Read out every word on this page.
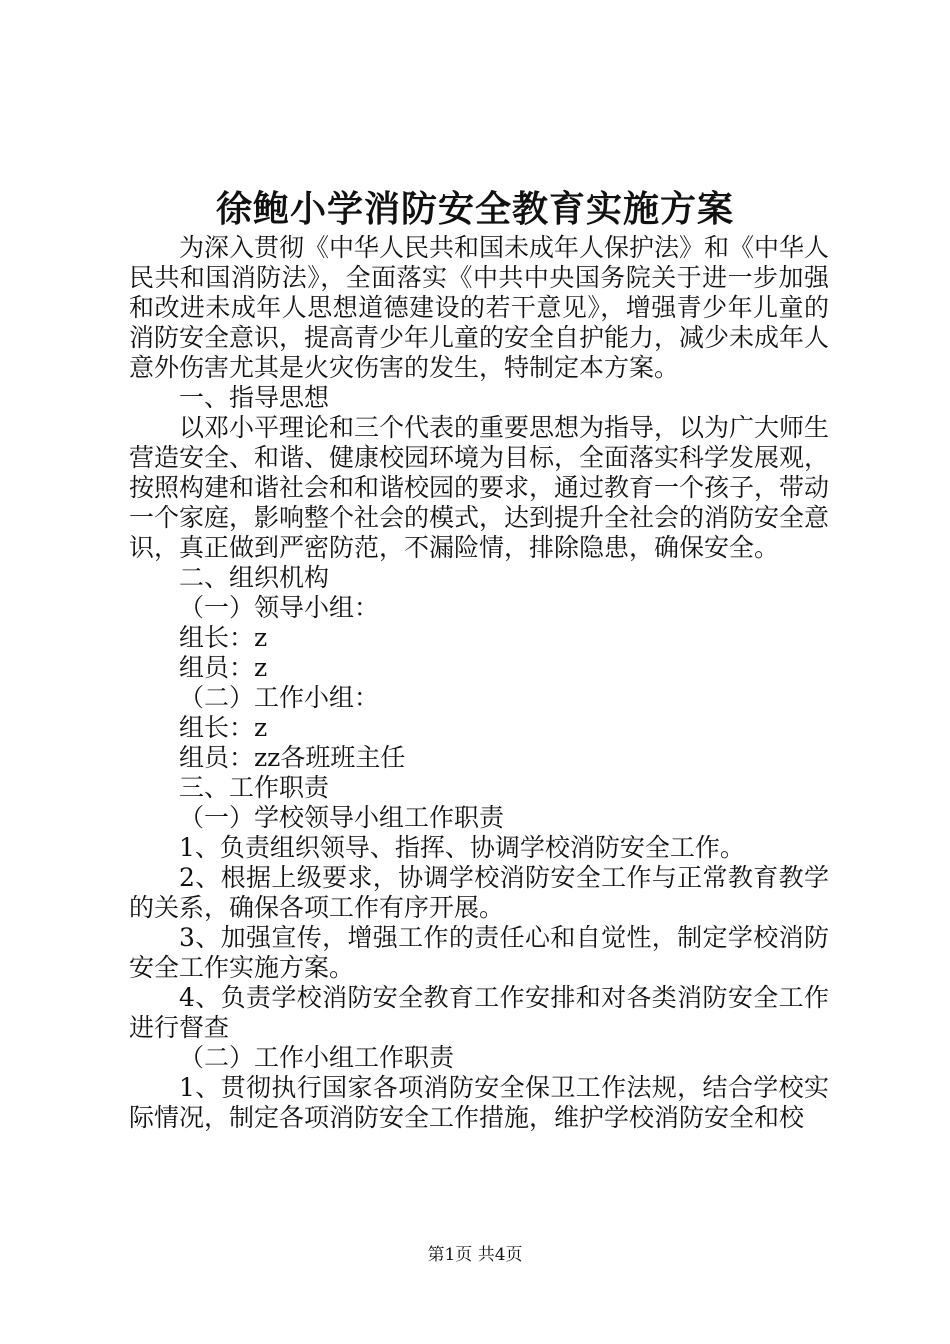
徐鲍小学消防安全教育实施方案

为深入贯彻《中华人民共和国未成年人保护法》和《中华人民共和国消防法》，全面落实《中共中央国务院关于进一步加强和改进未成年人思想道德建设的若干意见》，增强青少年儿童的消防安全意识，提高青少年儿童的安全自护能力，减少未成年人意外伤害尤其是火灾伤害的发生，特制定本方案。

一、指导思想

以邓小平理论和三个代表的重要思想为指导，以为广大师生营造安全、和谐、健康校园环境为目标，全面落实科学发展观，按照构建和谐社会和和谐校园的要求，通过教育一个孩子，带动一个家庭，影响整个社会的模式，达到提升全社会的消防安全意识，真正做到严密防范，不漏险情，排除隐患，确保安全。

二、组织机构

（一）领导小组：

组长：z

组员：z

（二）工作小组：

组长：z

组员：zz各班班主任

三、工作职责

（一）学校领导小组工作职责

1、负责组织领导、指挥、协调学校消防安全工作。

2、根据上级要求，协调学校消防安全工作与正常教育教学的关系，确保各项工作有序开展。

3、加强宣传，增强工作的责任心和自觉性，制定学校消防安全工作实施方案。

4、负责学校消防安全教育工作安排和对各类消防安全工作进行督查

（二）工作小组工作职责

1、贯彻执行国家各项消防安全保卫工作法规，结合学校实际情况，制定各项消防安全工作措施，维护学校消防安全和校

第1页 共4页
